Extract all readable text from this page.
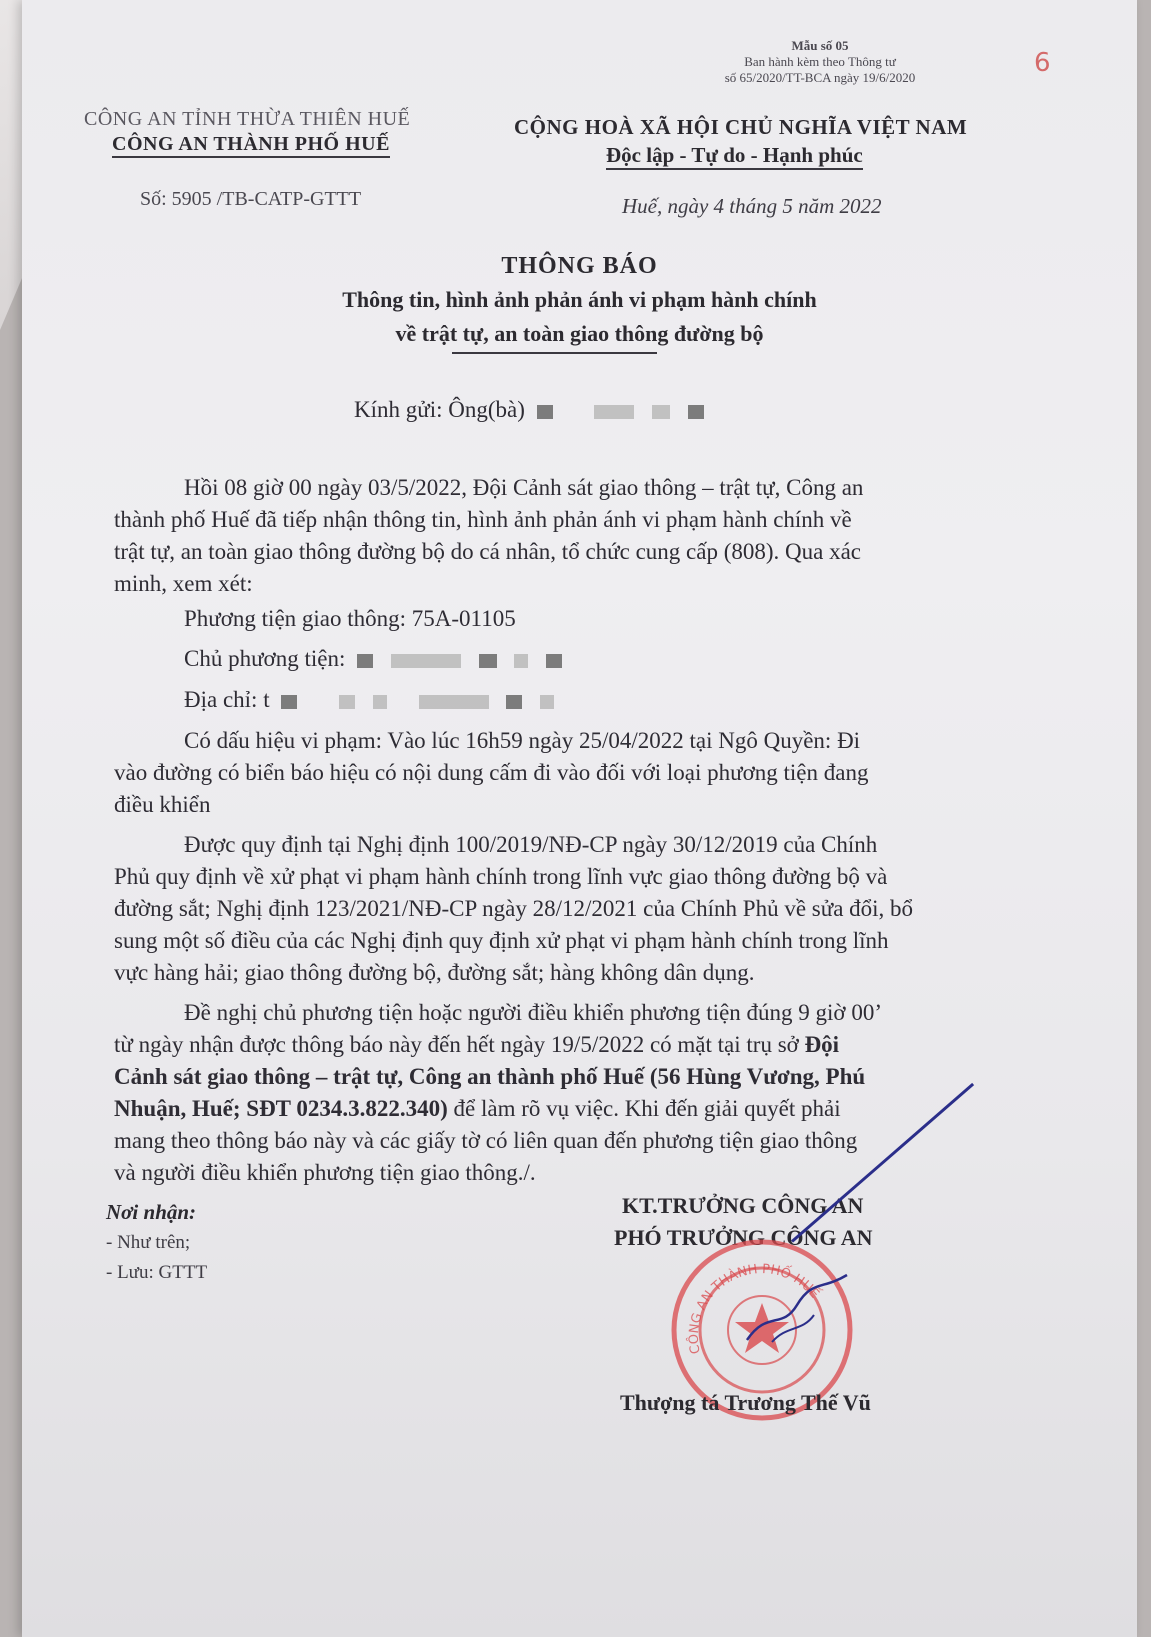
Mẫu số 05
Ban hành kèm theo Thông tư
số 65/2020/TT-BCA ngày 19/6/2020	6
CÔNG AN TỈNH THỪA THIÊN HUẾ
CÔNG AN THÀNH PHỐ HUẾ
Số: 5905 /TB-CATP-GTTT
CỘNG HOÀ XÃ HỘI CHỦ NGHĨA VIỆT NAM
Độc lập - Tự do - Hạnh phúc
Huế, ngày 4 tháng 5 năm 2022
THÔNG BÁO
Thông tin, hình ảnh phản ánh vi phạm hành chính
về trật tự, an toàn giao thông đường bộ
Kính gửi: Ông(bà)
Hồi 08 giờ 00 ngày 03/5/2022, Đội Cảnh sát giao thông – trật tự, Công an
thành phố Huế đã tiếp nhận thông tin, hình ảnh phản ánh vi phạm hành chính về
trật tự, an toàn giao thông đường bộ do cá nhân, tổ chức cung cấp (808). Qua xác
minh, xem xét:
Phương tiện giao thông: 75A-01105
Chủ phương tiện:
Địa chỉ: t
Có dấu hiệu vi phạm: Vào lúc 16h59 ngày 25/04/2022 tại Ngô Quyền: Đi
vào đường có biển báo hiệu có nội dung cấm đi vào đối với loại phương tiện đang
điều khiển
Được quy định tại Nghị định 100/2019/NĐ-CP ngày 30/12/2019 của Chính
Phủ quy định về xử phạt vi phạm hành chính trong lĩnh vực giao thông đường bộ và
đường sắt; Nghị định 123/2021/NĐ-CP ngày 28/12/2021 của Chính Phủ về sửa đổi, bổ
sung một số điều của các Nghị định quy định xử phạt vi phạm hành chính trong lĩnh
vực hàng hải; giao thông đường bộ, đường sắt; hàng không dân dụng.
Đề nghị chủ phương tiện hoặc người điều khiển phương tiện đúng 9 giờ 00’
từ ngày nhận được thông báo này đến hết ngày 19/5/2022 có mặt tại trụ sở Đội
Cảnh sát giao thông – trật tự, Công an thành phố Huế (56 Hùng Vương, Phú
Nhuận, Huế; SĐT 0234.3.822.340) để làm rõ vụ việc. Khi đến giải quyết phải
mang theo thông báo này và các giấy tờ có liên quan đến phương tiện giao thông
và người điều khiển phương tiện giao thông./.
Nơi nhận:
- Như trên;
- Lưu: GTTT
KT.TRƯỞNG CÔNG AN
PHÓ TRƯỞNG CÔNG AN
CÔNG AN THÀNH PHỐ HUẾ
Thượng tá Trương Thế Vũ
